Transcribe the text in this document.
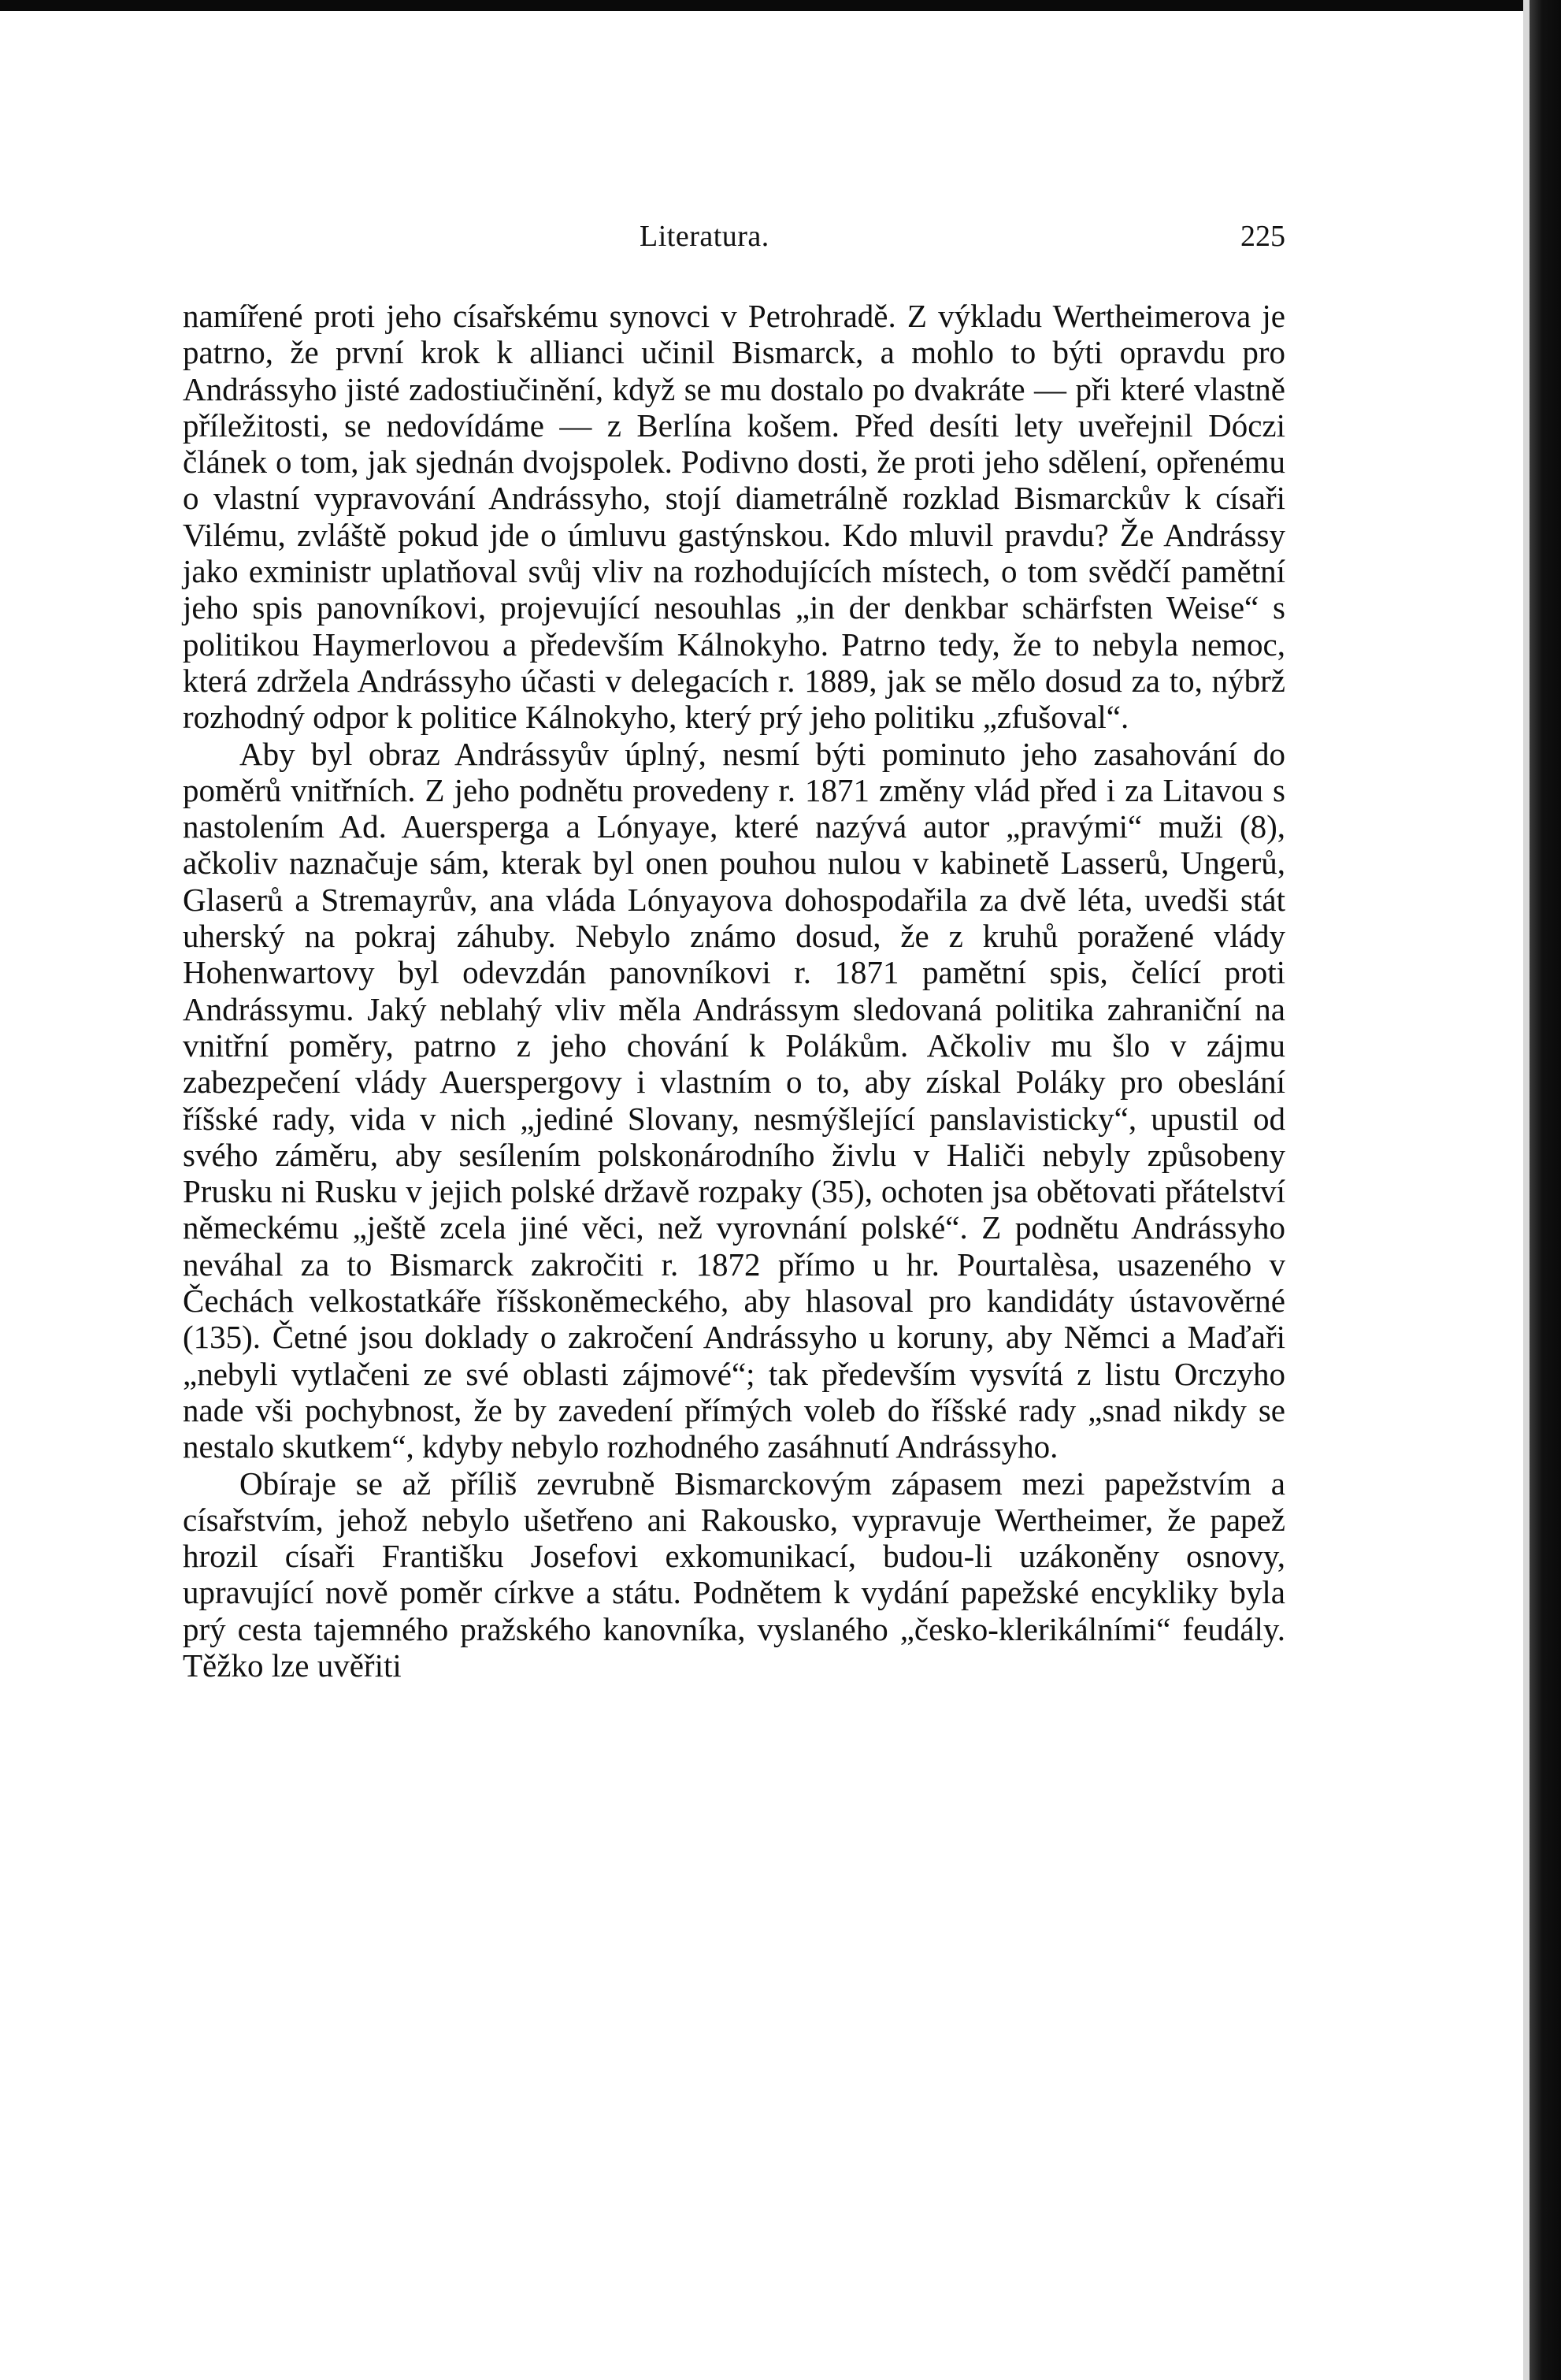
Literatura.	225

namířené proti jeho císařskému synovci v Petrohradě. Z výkladu Wertheimerova je patrno, že první krok k allianci učinil Bismarck, a mohlo to býti opravdu pro Andrássyho jisté zadostiučinění, když se mu dostalo po dvakráte — při které vlastně příležitosti, se nedovídáme — z Berlína košem. Před desíti lety uveřejnil Dóczi článek o tom, jak sjednán dvojspolek. Podivno dosti, že proti jeho sdělení, opřenému o vlastní vypravování Andrássyho, stojí diametrálně rozklad Bismarckův k císaři Vilému, zvláště pokud jde o úmluvu gastýnskou. Kdo mluvil pravdu? Že Andrássy jako exministr uplatňoval svůj vliv na rozhodujících místech, o tom svědčí pamětní jeho spis panovníkovi, projevující nesouhlas „in der denkbar schärfsten Weise“ s politikou Haymerlovou a především Kálnokyho. Patrno tedy, že to nebyla nemoc, která zdržela Andrássyho účasti v delegacích r. 1889, jak se mělo dosud za to, nýbrž rozhodný odpor k politice Kálnokyho, který prý jeho politiku „zfušoval“.

Aby byl obraz Andrássyův úplný, nesmí býti pominuto jeho zasahování do poměrů vnitřních. Z jeho podnětu provedeny r. 1871 změny vlád před i za Litavou s nastolením Ad. Auersperga a Lónyaye, které nazývá autor „pravými“ muži (8), ačkoliv naznačuje sám, kterak byl onen pouhou nulou v kabinetě Lasserů, Ungerů, Glaserů a Stremayrův, ana vláda Lónyayova dohospodařila za dvě léta, uvedši stát uherský na pokraj záhuby. Nebylo známo dosud, že z kruhů poražené vlády Hohenwartovy byl odevzdán panovníkovi r. 1871 pamětní spis, čelící proti Andrássymu. Jaký neblahý vliv měla Andrássym sledovaná politika zahraniční na vnitřní poměry, patrno z jeho chování k Polákům. Ačkoliv mu šlo v zájmu zabezpečení vlády Auerspergovy i vlastním o to, aby získal Poláky pro obeslání říšské rady, vida v nich „jediné Slovany, nesmýšlející panslavisticky“, upustil od svého záměru, aby sesílením polskonárodního živlu v Haliči nebyly způsobeny Prusku ni Rusku v jejich polské državě rozpaky (35), ochoten jsa obětovati přátelství německému „ještě zcela jiné věci, než vyrovnání polské“. Z podnětu Andrássyho neváhal za to Bismarck zakročiti r. 1872 přímo u hr. Pourtalèsa, usazeného v Čechách velkostatkáře říšskoněmeckého, aby hlasoval pro kandidáty ústavověrné (135). Četné jsou doklady o zakročení Andrássyho u koruny, aby Němci a Maďaři „nebyli vytlačeni ze své oblasti zájmové“; tak především vysvítá z listu Orczyho nade vši pochybnost, že by zavedení přímých voleb do říšské rady „snad nikdy se nestalo skutkem“, kdyby nebylo rozhodného zasáhnutí Andrássyho.

Obíraje se až příliš zevrubně Bismarckovým zápasem mezi papežstvím a císařstvím, jehož nebylo ušetřeno ani Rakousko, vypravuje Wertheimer, že papež hrozil císaři Františku Josefovi exkomunikací, budou-li uzákoněny osnovy, upravující nově poměr církve a státu. Podnětem k vydání papežské encykliky byla prý cesta tajemného pražského kanovníka, vyslaného „česko-klerikálními“ feudály. Těžko lze uvěřiti
